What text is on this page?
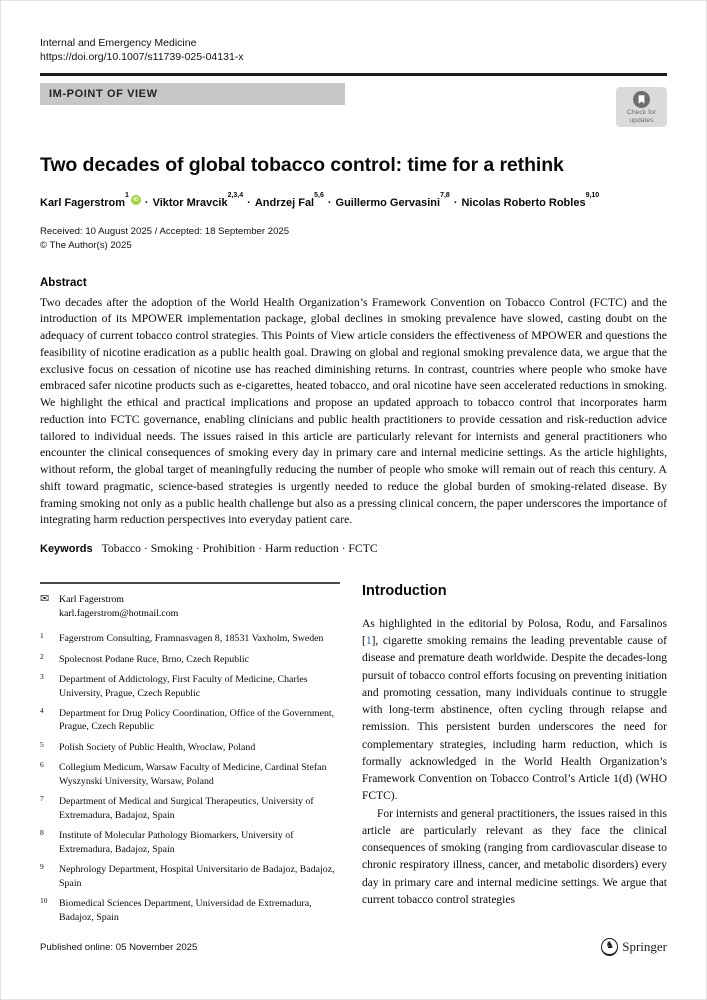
Internal and Emergency Medicine
https://doi.org/10.1007/s11739-025-04131-x
IM-POINT OF VIEW
Check for
updates
Two decades of global tobacco control: time for a rethink
Karl Fagerstrom$^1$iD · Viktor Mravcik$^{2,3,4}$· Andrzej Fal$^{5,6}$· Guillermo Gervasini$^{7,8}$· Nicolas Roberto Robles$^{9,10}$
Received: 10 August 2025 / Accepted: 18 September 2025
© The Author(s) 2025
Abstract

Two decades after the adoption of the World Health Organization’s Framework Convention on Tobacco Control (FCTC) and the introduction of its MPOWER implementation package, global declines in smoking prevalence have slowed, casting doubt on the adequacy of current tobacco control strategies. This Points of View article considers the effectiveness of MPOWER and questions the feasibility of nicotine eradication as a public health goal. Drawing on global and regional smoking prevalence data, we argue that the exclusive focus on cessation of nicotine use has reached diminishing returns. In contrast, countries where people who smoke have embraced safer nicotine products such as e-cigarettes, heated tobacco, and oral nicotine have seen accelerated reductions in smoking. We highlight the ethical and practical implications and propose an updated approach to tobacco control that incorporates harm reduction into FCTC governance, enabling clinicians and public health practitioners to provide cessation and risk-reduction advice tailored to individual needs. The issues raised in this article are particularly relevant for internists and general practitioners who encounter the clinical consequences of smoking every day in primary care and internal medicine settings. As the article highlights, without reform, the global target of meaningfully reducing the number of people who smoke will remain out of reach this century. A shift toward pragmatic, science-based strategies is urgently needed to reduce the global burden of smoking-related disease. By framing smoking not only as a public health challenge but also as a pressing clinical concern, the paper underscores the importance of integrating harm reduction perspectives into everyday patient care.

Keywords Tobacco · Smoking · Prohibition · Harm reduction · FCTC
✉ Karl Fagerstrom
karl.fagerstrom@hotmail.com
1	Fagerstrom Consulting, Framnasvagen 8, 18531 Vaxholm, Sweden
2	Spolecnost Podane Ruce, Brno, Czech Republic
3	Department of Addictology, First Faculty of Medicine, Charles University, Prague, Czech Republic
4	Department for Drug Policy Coordination, Office of the Government, Prague, Czech Republic
5	Polish Society of Public Health, Wroclaw, Poland
6	Collegium Medicum, Warsaw Faculty of Medicine, Cardinal Stefan Wyszynski University, Warsaw, Poland
7	Department of Medical and Surgical Therapeutics, University of Extremadura, Badajoz, Spain
8	Institute of Molecular Pathology Biomarkers, University of Extremadura, Badajoz, Spain
9	Nephrology Department, Hospital Universitario de Badajoz, Badajoz, Spain
10	Biomedical Sciences Department, Universidad de Extremadura, Badajoz, Spain
Introduction

As highlighted in the editorial by Polosa, Rodu, and Farsalinos [1], cigarette smoking remains the leading preventable cause of disease and premature death worldwide. Despite the decades-long pursuit of tobacco control efforts focusing on preventing initiation and promoting cessation, many individuals continue to struggle with long-term abstinence, often cycling through relapse and remission. This persistent burden underscores the need for complementary strategies, including harm reduction, which is formally acknowledged in the World Health Organization’s Framework Convention on Tobacco Control’s Article 1(d) (WHO FCTC).

For internists and general practitioners, the issues raised in this article are particularly relevant as they face the clinical consequences of smoking (ranging from cardiovascular disease to chronic respiratory illness, cancer, and metabolic disorders) every day in primary care and internal medicine settings. We argue that current tobacco control strategies

Published online: 05 November 2025	♞ Springer
